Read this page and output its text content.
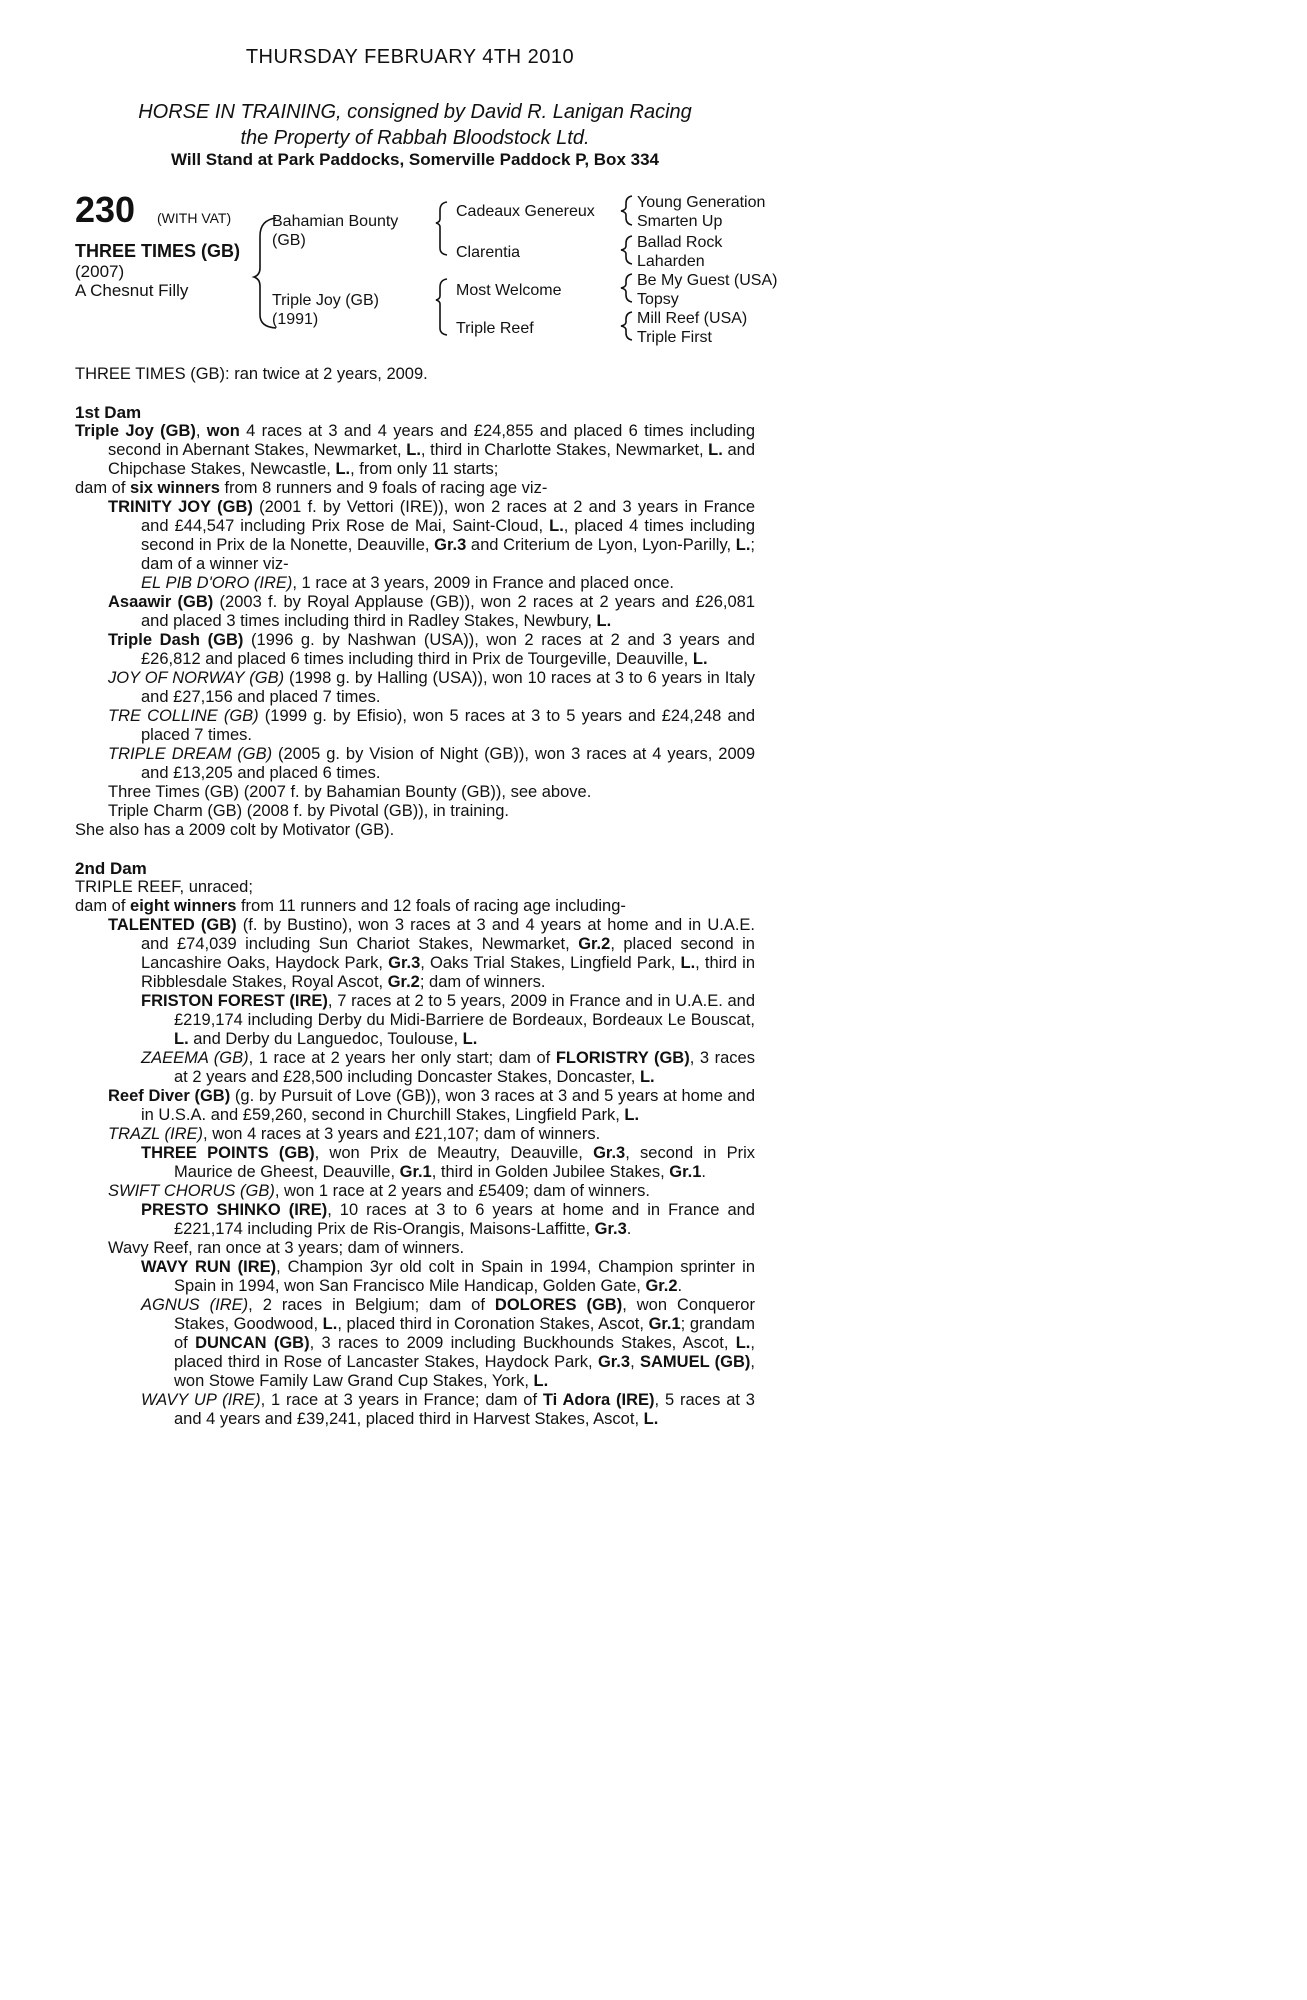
THURSDAY FEBRUARY 4TH 2010
HORSE IN TRAINING, consigned by David R. Lanigan Racing
the Property of Rabbah Bloodstock Ltd.
Will Stand at Park Paddocks, Somerville Paddock P, Box 334
230 (WITH VAT)
THREE TIMES (GB)
(2007)
A Chesnut Filly
Bahamian Bounty
(GB)
Triple Joy (GB)
(1991)
Cadeaux Genereux
Clarentia
Most Welcome
Triple Reef
Young Generation
Smarten Up
Ballad Rock
Laharden
Be My Guest (USA)
Topsy
Mill Reef (USA)
Triple First
THREE TIMES (GB): ran twice at 2 years, 2009.
1st Dam
Triple Joy (GB), won 4 races at 3 and 4 years and £24,855 and placed 6 times including second in Abernant Stakes, Newmarket, L., third in Charlotte Stakes, Newmarket, L. and Chipchase Stakes, Newcastle, L., from only 11 starts;
dam of six winners from 8 runners and 9 foals of racing age viz-
TRINITY JOY (GB) (2001 f. by Vettori (IRE)), won 2 races at 2 and 3 years in France and £44,547 including Prix Rose de Mai, Saint-Cloud, L., placed 4 times including second in Prix de la Nonette, Deauville, Gr.3 and Criterium de Lyon, Lyon-Parilly, L.; dam of a winner viz-
EL PIB D'ORO (IRE), 1 race at 3 years, 2009 in France and placed once.
Asaawir (GB) (2003 f. by Royal Applause (GB)), won 2 races at 2 years and £26,081 and placed 3 times including third in Radley Stakes, Newbury, L.
Triple Dash (GB) (1996 g. by Nashwan (USA)), won 2 races at 2 and 3 years and £26,812 and placed 6 times including third in Prix de Tourgeville, Deauville, L.
JOY OF NORWAY (GB) (1998 g. by Halling (USA)), won 10 races at 3 to 6 years in Italy and £27,156 and placed 7 times.
TRE COLLINE (GB) (1999 g. by Efisio), won 5 races at 3 to 5 years and £24,248 and placed 7 times.
TRIPLE DREAM (GB) (2005 g. by Vision of Night (GB)), won 3 races at 4 years, 2009 and £13,205 and placed 6 times.
Three Times (GB) (2007 f. by Bahamian Bounty (GB)), see above.
Triple Charm (GB) (2008 f. by Pivotal (GB)), in training.
She also has a 2009 colt by Motivator (GB).
2nd Dam
TRIPLE REEF, unraced;
dam of eight winners from 11 runners and 12 foals of racing age including-
TALENTED (GB) (f. by Bustino), won 3 races at 3 and 4 years at home and in U.A.E. and £74,039 including Sun Chariot Stakes, Newmarket, Gr.2, placed second in Lancashire Oaks, Haydock Park, Gr.3, Oaks Trial Stakes, Lingfield Park, L., third in Ribblesdale Stakes, Royal Ascot, Gr.2; dam of winners.
FRISTON FOREST (IRE), 7 races at 2 to 5 years, 2009 in France and in U.A.E. and £219,174 including Derby du Midi-Barriere de Bordeaux, Bordeaux Le Bouscat, L. and Derby du Languedoc, Toulouse, L.
ZAEEMA (GB), 1 race at 2 years her only start; dam of FLORISTRY (GB), 3 races at 2 years and £28,500 including Doncaster Stakes, Doncaster, L.
Reef Diver (GB) (g. by Pursuit of Love (GB)), won 3 races at 3 and 5 years at home and in U.S.A. and £59,260, second in Churchill Stakes, Lingfield Park, L.
TRAZL (IRE), won 4 races at 3 years and £21,107; dam of winners.
THREE POINTS (GB), won Prix de Meautry, Deauville, Gr.3, second in Prix Maurice de Gheest, Deauville, Gr.1, third in Golden Jubilee Stakes, Gr.1.
SWIFT CHORUS (GB), won 1 race at 2 years and £5409; dam of winners.
PRESTO SHINKO (IRE), 10 races at 3 to 6 years at home and in France and £221,174 including Prix de Ris-Orangis, Maisons-Laffitte, Gr.3.
Wavy Reef, ran once at 3 years; dam of winners.
WAVY RUN (IRE), Champion 3yr old colt in Spain in 1994, Champion sprinter in Spain in 1994, won San Francisco Mile Handicap, Golden Gate, Gr.2.
AGNUS (IRE), 2 races in Belgium; dam of DOLORES (GB), won Conqueror Stakes, Goodwood, L., placed third in Coronation Stakes, Ascot, Gr.1; grandam of DUNCAN (GB), 3 races to 2009 including Buckhounds Stakes, Ascot, L., placed third in Rose of Lancaster Stakes, Haydock Park, Gr.3, SAMUEL (GB), won Stowe Family Law Grand Cup Stakes, York, L.
WAVY UP (IRE), 1 race at 3 years in France; dam of Ti Adora (IRE), 5 races at 3 and 4 years and £39,241, placed third in Harvest Stakes, Ascot, L.
